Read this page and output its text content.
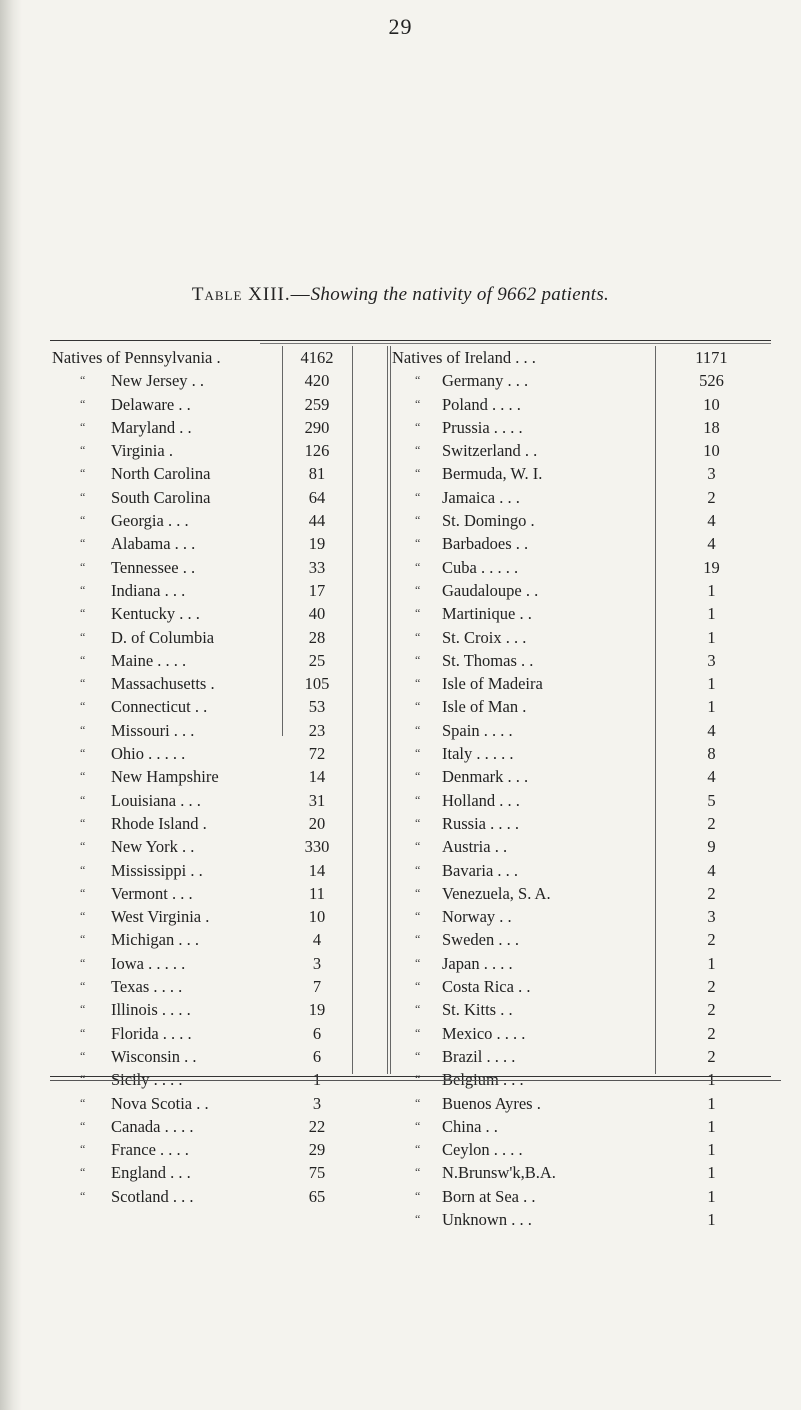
29
Table XIII.—Showing the nativity of 9662 patients.
Natives of Pennsylvania .	4162
“ New Jersey . .	420
“ Delaware . .	259
“ Maryland . .	290
“ Virginia .	126
“ North Carolina	81
“ South Carolina	64
“ Georgia . . .	44
“ Alabama . . .	19
“ Tennessee . .	33
“ Indiana . . .	17
“ Kentucky . . .	40
“ D. of Columbia	28
“ Maine . . . .	25
“ Massachusetts .	105
“ Connecticut . .	53
“ Missouri . . .	23
“ Ohio . . . . .	72
“ New Hampshire	14
“ Louisiana . . .	31
“ Rhode Island .	20
“ New York . .	330
“ Mississippi . .	14
“ Vermont . . .	11
“ West Virginia .	10
“ Michigan . . .	4
“ Iowa . . . . .	3
“ Texas . . . .	7
“ Illinois . . . .	19
“ Florida . . . .	6
“ Wisconsin . .	6
“ Sicily . . . .	1
“ Nova Scotia . .	3
“ Canada . . . .	22
“ France . . . .	29
“ England . . .	75
“ Scotland . . .	65
Natives of Ireland . . .	1171
“ Germany . . .	526
“ Poland . . . .	10
“ Prussia . . . .	18
“ Switzerland . .	10
“ Bermuda, W. I.	3
“ Jamaica . . .	2
“ St. Domingo .	4
“ Barbadoes . .	4
“ Cuba . . . . .	19
“ Gaudaloupe . .	1
“ Martinique . .	1
“ St. Croix . . .	1
“ St. Thomas . .	3
“ Isle of Madeira	1
“ Isle of Man .	1
“ Spain . . . .	4
“ Italy . . . . .	8
“ Denmark . . .	4
“ Holland . . .	5
“ Russia . . . .	2
“ Austria . .	9
“ Bavaria . . .	4
“ Venezuela, S. A.	2
“ Norway . .	3
“ Sweden . . .	2
“ Japan . . . .	1
“ Costa Rica . .	2
“ St. Kitts . .	2
“ Mexico . . . .	2
“ Brazil . . . .	2
“ Belgium . . .	1
“ Buenos Ayres .	1
“ China . .	1
“ Ceylon . . . .	1
“ N.Brunsw'k,B.A.	1
“ Born at Sea . .	1
“ Unknown . . .	1
